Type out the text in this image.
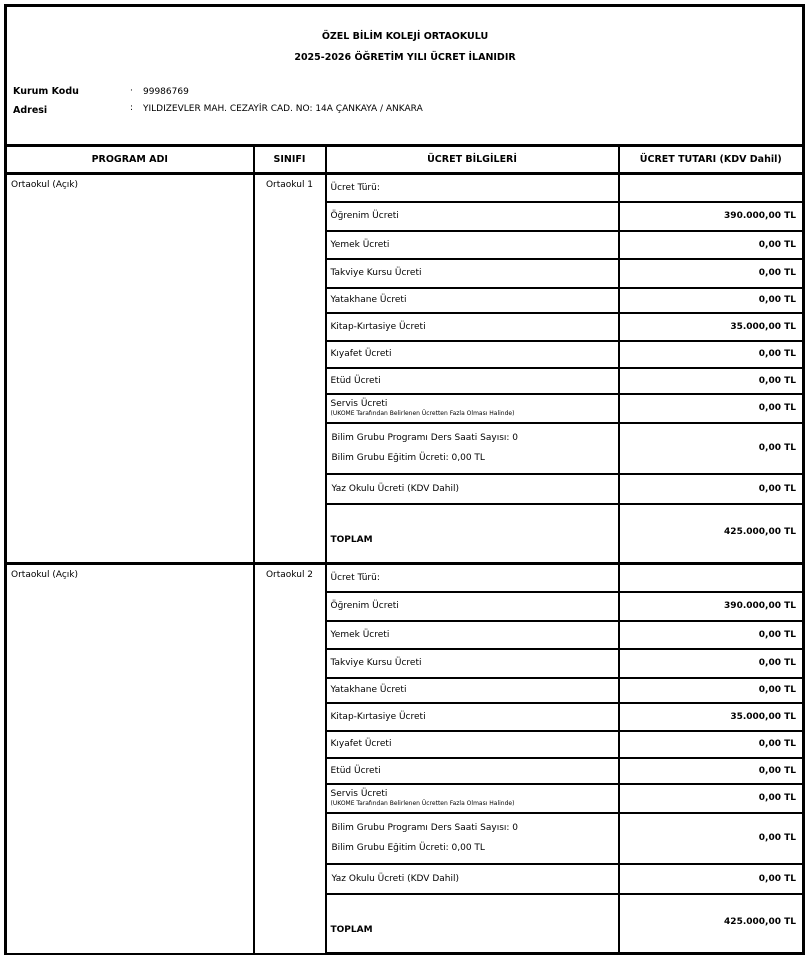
ÖZEL BİLİM KOLEJİ ORTAOKULU
2025-2026 ÖĞRETİM YILI ÜCRET İLANIDIR
Kurum Kodu	· 99986769
Adresi	: YILDIZEVLER MAH. CEZAYİR CAD. NO: 14A ÇANKAYA / ANKARA
PROGRAM ADI	SINIFI	ÜCRET BİLGİLERİ	ÜCRET TUTARI (KDV Dahil)
Ortaokul (Açık)	Ortaokul 1	Ücret Türü:	
		Öğrenim Ücreti	390.000,00 TL
		Yemek Ücreti	0,00 TL
		Takviye Kursu Ücreti	0,00 TL
		Yatakhane Ücreti	0,00 TL
		Kitap-Kırtasiye Ücreti	35.000,00 TL
		Kıyafet Ücreti	0,00 TL
		Etüd Ücreti	0,00 TL
		Servis Ücreti
(UKOME Tarafından Belirlenen Ücretten Fazla Olması Halinde)	0,00 TL

		Bilim Grubu Programı Ders Saati Sayısı: 0
Bilim Grubu Eğitim Ücreti: 0,00 TL	0,00 TL
		Yaz Okulu Ücreti (KDV Dahil)	0,00 TL
		TOPLAM	425.000,00 TL
Ortaokul (Açık)	Ortaokul 2	Ücret Türü:	
		Öğrenim Ücreti	390.000,00 TL
		Yemek Ücreti	0,00 TL
		Takviye Kursu Ücreti	0,00 TL
		Yatakhane Ücreti	0,00 TL
		Kitap-Kırtasiye Ücreti	35.000,00 TL
		Kıyafet Ücreti	0,00 TL
		Etüd Ücreti	0,00 TL
		Servis Ücreti
(UKOME Tarafından Belirlenen Ücretten Fazla Olması Halinde)	0,00 TL

		Bilim Grubu Programı Ders Saati Sayısı: 0
Bilim Grubu Eğitim Ücreti: 0,00 TL	0,00 TL
		Yaz Okulu Ücreti (KDV Dahil)	0,00 TL
		TOPLAM	425.000,00 TL
